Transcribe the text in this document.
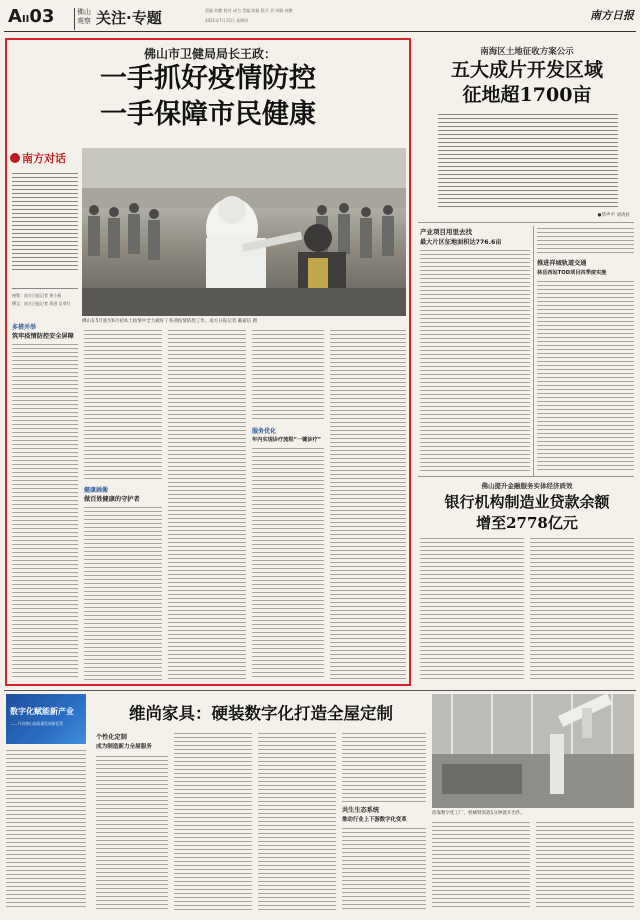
AII03	佛山
观察 关注·专题	责编 何鹏 校对 成为 美编 陈颖 版式 刘 审稿 何鹏
2021年7月15日 星期四	南方日报
佛山市卫健局局长王政：
一手抓好疫情防控
一手保障市民健康
南方对话
统筹：南方日报记者 黄小燕
撰文：南方日报记者 周进 吴翠红
佛山在5月底至6月初本土疫情中全力做好了各项疫情防控工作。南方日报记者 戴嘉信 摄
多措并举
筑牢疫情防控安全屏障
健康画像
做百姓健康的守护者
服务优化
年内实现诊疗流程“一键诊疗”
南海区土地征收方案公示
五大成片开发区域
征地超1700亩
●华声平 刘涛民
产业项目用里去找
最大片区征地面积达776.6亩
推进祥城轨道交通
林岳西站TOD项目四季度实施
佛山提升金融服务实体经济质效
银行机构制造业贷款余额
增至2778亿元
数字化赋能新产业
——开启佛山高质量发展新征程
维尚家具：硬装数字化打造全屋定制
个性化定制
成为制造新力全屋服务
共生生态系统
推动行业上下游数字化变革
依靠数字化工厂，机械臂高效1分钟就开出件。
